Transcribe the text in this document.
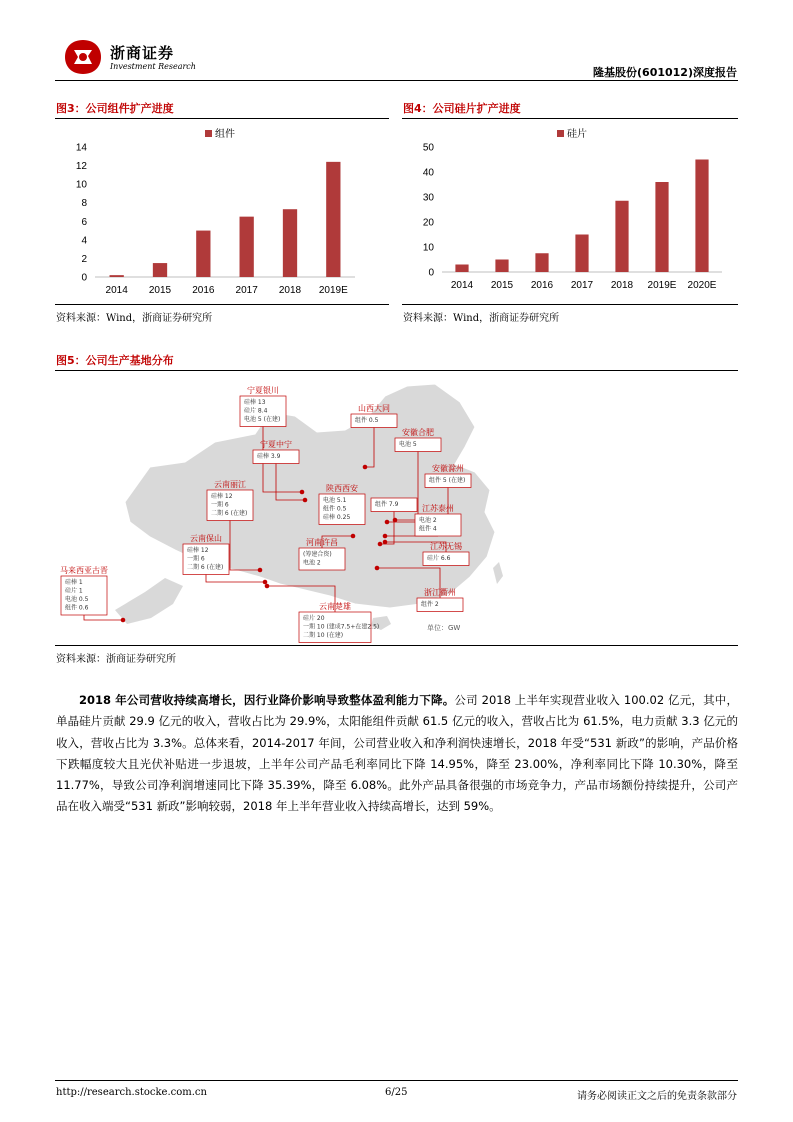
浙商证券
Investment Research	隆基股份(601012)深度报告
图3：公司组件扩产进度
组件
0
2
4
6
8
10
12
14
2014 2015 2016 2017 2018 2019E
资料来源：Wind，浙商证券研究所
图4：公司硅片扩产进度
硅片
0
10
20
30
40
50
2014 2015 2016 2017 2018 2019E 2020E
资料来源：Wind，浙商证券研究所
图5：公司生产基地分布
宁夏银川
硅棒 13
硅片 8.4
电池 5 (在建)
宁夏中宁
硅棒 3.9
云南丽江
硅棒 12
一期 6
二期 6 (在建)
云南保山
硅棒 12
一期 6
二期 6 (在建)
马来西亚古晋
硅棒 1
硅片 1
电池 0.5
组件 0.6
山西大同
组件 0.5
安徽合肥
电池 5
安徽滁州
组件 5 (在建)
陕西西安
电池 5.1
组件 0.5
硅棒 0.25
组件 7.9	江苏泰州
电池 2
组件 4
河南许昌
(筹建合资)
电池 2
江苏无锡
硅片 6.6
云南楚雄
硅片 20
一期 10 (建成7.5+在建2.5)
二期 10 (在建)
浙江衢州
组件 2
单位：GW
资料来源：浙商证券研究所
2018 年公司营收持续高增长，因行业降价影响导致整体盈利能力下降。公司 2018 上半年实现营业收入 100.02 亿元，其中，单晶硅片贡献 29.9 亿元的收入，营收占比为 29.9%，太阳能组件贡献 61.5 亿元的收入，营收占比为 61.5%，电力贡献 3.3 亿元的收入，营收占比为 3.3%。总体来看，2014-2017 年间，公司营业收入和净利润快速增长，2018 年受“531 新政”的影响，产品价格下跌幅度较大且光伏补贴进一步退坡，上半年公司产品毛利率同比下降 14.95%，降至 23.00%，净利率同比下降 10.30%，降至 11.77%，导致公司净利润增速同比下降 35.39%，降至 6.08%。此外产品具备很强的市场竞争力，产品市场额份持续提升，公司产品在收入端受“531 新政”影响较弱，2018 年上半年营业收入持续高增长，达到 59%。
http://research.stocke.com.cn	6/25	请务必阅读正文之后的免责条款部分
